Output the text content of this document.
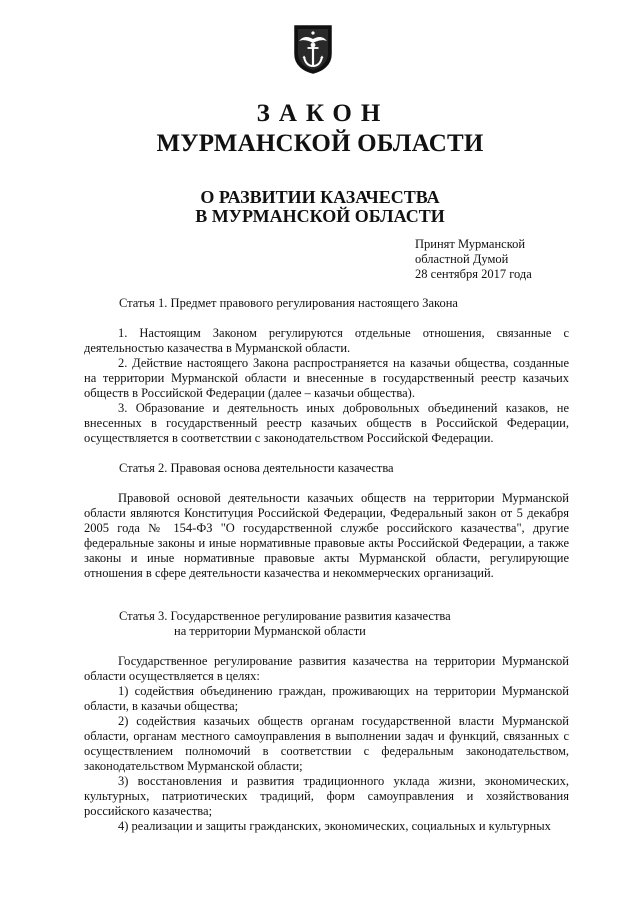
ЗАКОН
МУРМАНСКОЙ ОБЛАСТИ
О РАЗВИТИИ КАЗАЧЕСТВА
В МУРМАНСКОЙ ОБЛАСТИ
Принят Мурманской
областной Думой
28 сентября 2017 года
Статья 1. Предмет правового регулирования настоящего Закона

1. Настоящим Законом регулируются отдельные отношения, связанные с деятельностью казачества в Мурманской области.

2. Действие настоящего Закона распространяется на казачьи общества, созданные на территории Мурманской области и внесенные в государственный реестр казачьих обществ в Российской Федерации (далее – казачьи общества).

3. Образование и деятельность иных добровольных объединений казаков, не внесенных в государственный реестр казачьих обществ в Российской Федерации, осуществляется в соответствии с законодательством Российской Федерации.

Статья 2. Правовая основа деятельности казачества

Правовой основой деятельности казачьих обществ на территории Мурманской области являются Конституция Российской Федерации, Федеральный закон от 5 декабря 2005 года № 154-ФЗ "О государственной службе российского казачества", другие федеральные законы и иные нормативные правовые акты Российской Федерации, а также законы и иные нормативные правовые акты Мурманской области, регулирующие отношения в сфере деятельности казачества и некоммерческих организаций.

Статья 3. Государственное регулирование развития казачества
на территории Мурманской области

Государственное регулирование развития казачества на территории Мурманской области осуществляется в целях:

1) содействия объединению граждан, проживающих на территории Мурманской области, в казачьи общества;

2) содействия казачьих обществ органам государственной власти Мурманской области, органам местного самоуправления в выполнении задач и функций, связанных с осуществлением полномочий в соответствии с федеральным законодательством, законодательством Мурманской области;

3) восстановления и развития традиционного уклада жизни, экономических, культурных, патриотических традиций, форм самоуправления и хозяйствования российского казачества;

4) реализации и защиты гражданских, экономических, социальных и культурных
